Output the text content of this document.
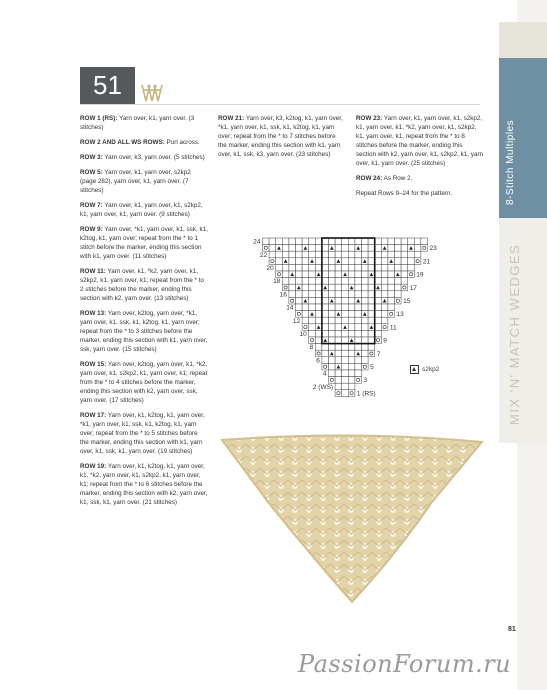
8-Stitch Multiples
MIX 'N' MATCH WEDGES
51

ROW 1 (RS): Yarn over, k1, yarn over. (3 stitches)

ROW 2 AND ALL WS ROWS: Purl across.

ROW 3: Yarn over, k3, yarn over. (5 stitches)

ROW 5: Yarn over, k1, yarn over, s2kp2 (page 282), yarn over, k1, yarn over. (7 stitches)

ROW 7: Yarn over, k1, yarn over, k1, s2kp2, k1, yarn over, k1, yarn over. (9 stitches)

ROW 9: Yarn over, *k1, yarn over, k1, ssk, k1, k2tog, k1, yarn over; repeat from the * to 1 stitch before the marker, ending this section with k1, yarn over. (11 stitches)

ROW 11: Yarn over, k1, *k2, yarn over, k1, s2kp2, k1, yarn over, k1; repeat from the * to 2 stitches before the marker, ending this section with k2, yarn over. (13 stitches)

ROW 13: Yarn over, k2tog, yarn over, *k1, yarn over, k1, ssk, k1, k2tog, k1, yarn over; repeat from the * to 3 stitches before the marker, ending this section with k1, yarn over, ssk, yarn over. (15 stitches)

ROW 15: Yarn over, k2tog, yarn over, k1, *k2, yarn over, k1, s2kp2, k1, yarn over, k1; repeat from the * to 4 stitches before the marker, ending this section with k2, yarn over, ssk, yarn over. (17 stitches)

ROW 17: Yarn over, k1, k2tog, k1, yarn over, *k1, yarn over, k1, ssk, k1, k2tog, k1, yarn over; repeat from the * to 5 stitches before the marker, ending this section with k1, yarn over, k1, ssk, k1, yarn over. (19 stitches)

ROW 19: Yarn over, k1, k2tog, k1, yarn over, k1, *k2, yarn over, k1, s2kp2, k1, yarn over, k1; repeat from the * to 6 stitches before the marker, ending this section with k2, yarn over, k1, ssk, k1, yarn over. (21 stitches)

ROW 21: Yarn over, k3, k2tog, k1, yarn over, *k1, yarn over, k1, ssk, k1, k2tog, k1, yarn over; repeat from the * to 7 stitches before the marker, ending this section with k1, yarn over, k1, ssk, k3, yarn over. (23 stitches)

ROW 23: Yarn over, k1, yarn over, k1, s2kp2, k1, yarn over, k1, *k2, yarn over, k1, s2kp2, k1, yarn over, k1; repeat from the * to 8 stitches before the marker, ending this section with k2, yarn over, k1, s2kp2, k1, yarn over, k1, yarn over. (25 stitches)

ROW 24: As Row 2.

Repeat Rows 9–24 for the pattern.

24
23
22
21
20
19
18
17
16
15
14
13
12
11
10
9
8
7
6
5
4
3
2 (WS)
1 (RS)
s2kp2
81
PassionForum.ru
